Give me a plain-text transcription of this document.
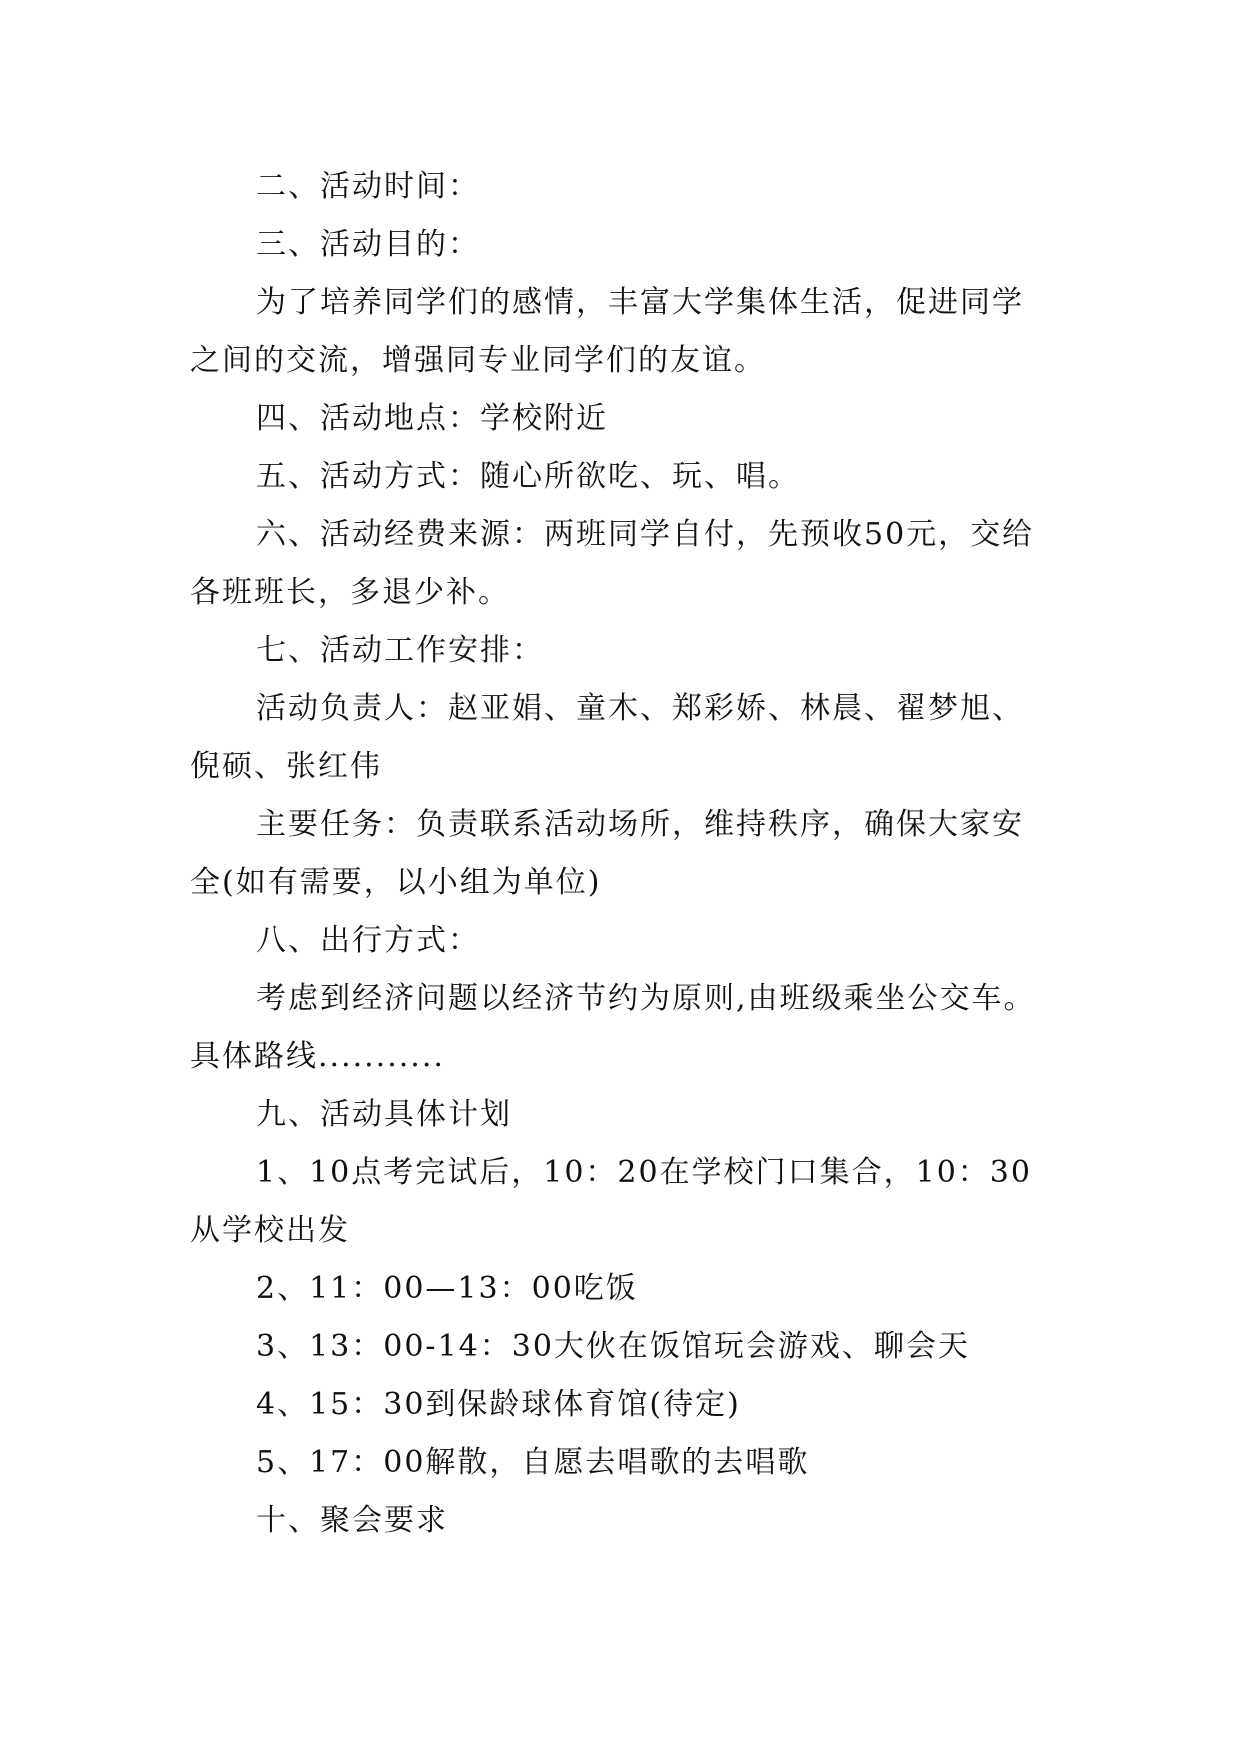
二、活动时间：

三、活动目的：

为了培养同学们的感情，丰富大学集体生活，促进同学之间的交流，增强同专业同学们的友谊。

四、活动地点：学校附近

五、活动方式：随心所欲吃、玩、唱。

六、活动经费来源：两班同学自付，先预收50元，交给各班班长，多退少补。

七、活动工作安排：

活动负责人：赵亚娟、童木、郑彩娇、林晨、翟梦旭、倪硕、张红伟

主要任务：负责联系活动场所，维持秩序，确保大家安全(如有需要，以小组为单位)

八、出行方式：

考虑到经济问题以经济节约为原则,由班级乘坐公交车。具体路线...........

九、活动具体计划

1、10点考完试后，10：20在学校门口集合，10：30从学校出发

2、11：00—13：00吃饭

3、13：00-14：30大伙在饭馆玩会游戏、聊会天

4、15：30到保龄球体育馆(待定)

5、17：00解散，自愿去唱歌的去唱歌

十、聚会要求
